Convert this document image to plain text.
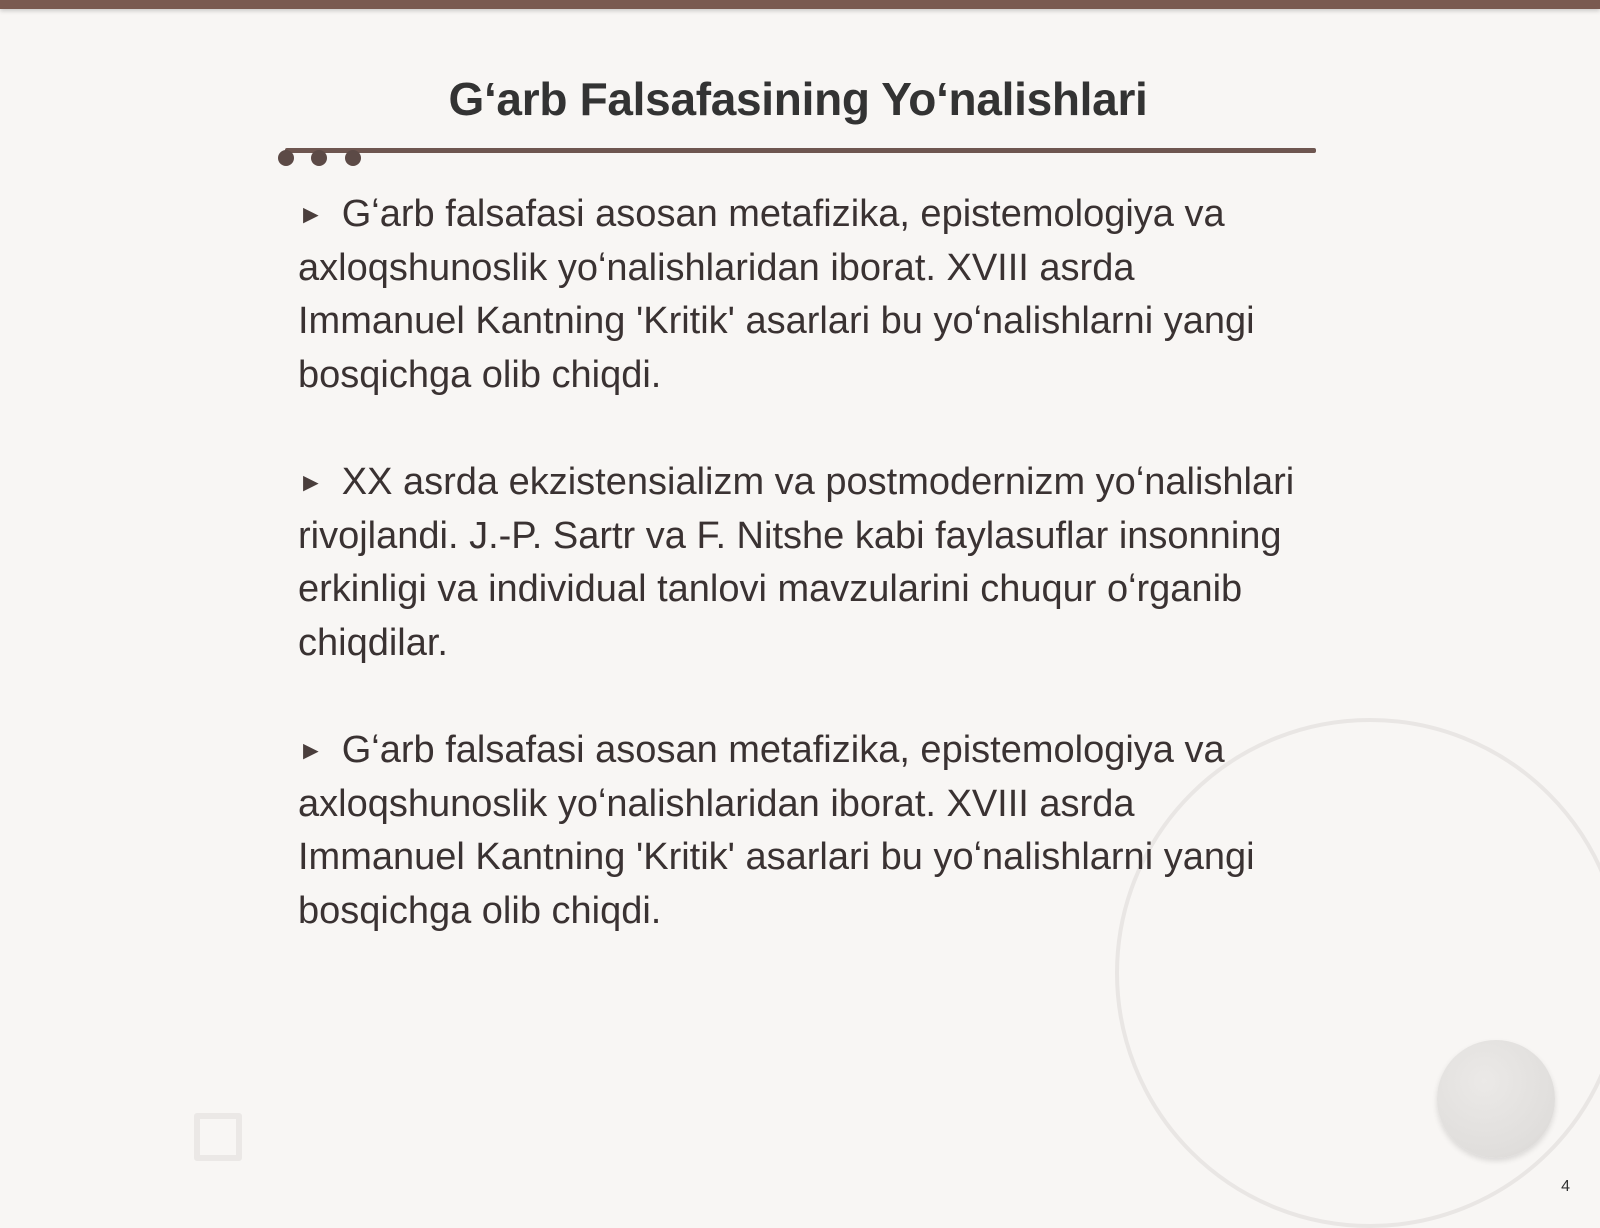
Gʻarb Falsafasining Yoʻnalishlari

► Gʻarb falsafasi asosan metafizika, epistemologiya va axloqshunoslik yoʻnalishlaridan iborat. XVIII asrda Immanuel Kantning 'Kritik' asarlari bu yoʻnalishlarni yangi bosqichga olib chiqdi.

► XX asrda ekzistensializm va postmodernizm yoʻnalishlari rivojlandi. J.-P. Sartr va F. Nitshe kabi faylasuflar insonning erkinligi va individual tanlovi mavzularini chuqur oʻrganib chiqdilar.

► Gʻarb falsafasi asosan metafizika, epistemologiya va axloqshunoslik yoʻnalishlaridan iborat. XVIII asrda Immanuel Kantning 'Kritik' asarlari bu yoʻnalishlarni yangi bosqichga olib chiqdi.

4
